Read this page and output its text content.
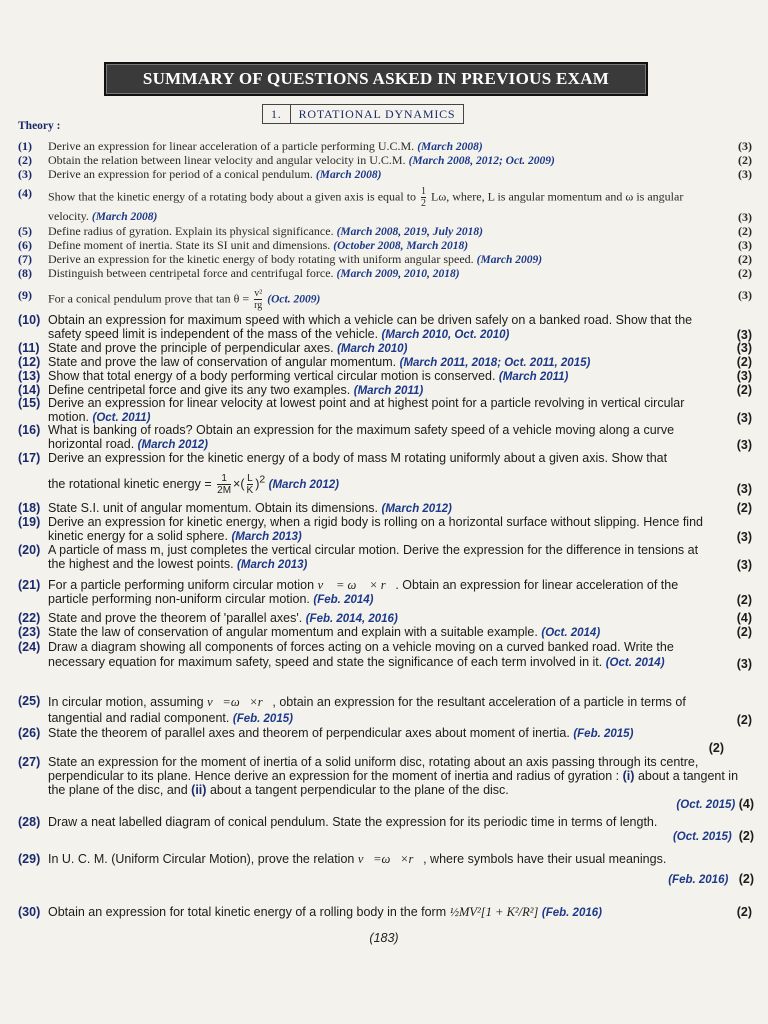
SUMMARY OF QUESTIONS ASKED IN PREVIOUS EXAM
1.	ROTATIONAL DYNAMICS
Theory :
(1) Derive an expression for linear acceleration of a particle performing U.C.M. (March 2008)	(3)
(2) Obtain the relation between linear velocity and angular velocity in U.C.M. (March 2008, 2012; Oct. 2009)	(2)
(3) Derive an expression for period of a conical pendulum. (March 2008)	(3)
(4) Show that the kinetic energy of a rotating body about a given axis is equal to $\frac{1}{2} L\omega$, where, L is angular momentum and ω is angular velocity. (March 2008)	(3)
(5) Define radius of gyration. Explain its physical significance. (March 2008, 2019, July 2018)	(2)
(6) Define moment of inertia. State its SI unit and dimensions. (October 2008, March 2018)	(3)
(7) Derive an expression for the kinetic energy of body rotating with uniform angular speed. (March 2009)	(2)
(8) Distinguish between centripetal force and centrifugal force. (March 2009, 2010, 2018)	(2)
(9) For a conical pendulum prove that $\tan \theta = \frac{\text{v²}}{rg} (Oct$. 2009)	(3)
(10) Obtain an expression for maximum speed with which a vehicle can be driven safely on a banked road. Show that the safety speed limit is independent of the mass of the vehicle. (March 2010, Oct. 2010)	(3)
(11) State and prove the principle of perpendicular axes. (March 2010)	(3)
(12) State and prove the law of conservation of angular momentum. (March 2011, 2018; Oct. 2011, 2015)	(2)
(13) Show that total energy of a body performing vertical circular motion is conserved. (March 2011)	(3)
(14) Define centripetal force and give its any two examples. (March 2011)	(2)
(15) Derive an expression for linear velocity at lowest point and at highest point for a particle revolving in vertical circular motion. (Oct. 2011)	(3)
(16) What is banking of roads? Obtain an expression for the maximum safety speed of a vehicle moving along a curve horizontal road. (March 2012)	(3)
(17) Derive an expression for the kinetic energy of a body of mass M rotating uniformly about a given axis. Show that
the rotational kinetic energy = $\frac{1}{2M}$ ×( $\frac{L}{K} )^2$ (March 2012)	(3)
(18) State S.I. unit of angular momentum. Obtain its dimensions. (March 2012)	(2)
(19) Derive an expression for kinetic energy, when a rigid body is rolling on a horizontal surface without slipping. Hence find kinetic energy for a solid sphere. (March 2013)	(3)
(20) A particle of mass m, just completes the vertical circular motion. Derive the expression for the difference in tensions at the highest and the lowest points. (March 2013)	(3)
(21) For a particle performing uniform circular motion v⃗ = ω⃗ × r⃗. Obtain an expression for linear acceleration of the particle performing non-uniform circular motion. (Feb. 2014)	(2)
(22) State and prove the theorem of 'parallel axes'. (Feb. 2014, 2016)	(4)
(23) State the law of conservation of angular momentum and explain with a suitable example. (Oct. 2014)	(2)
(24) Draw a diagram showing all components of forces acting on a vehicle moving on a curved banked road. Write the necessary equation for maximum safety, speed and state the significance of each term involved in it. (Oct. 2014)	(3)
(25) In circular motion, assuming v⃗=ω⃗×r⃗, obtain an expression for the resultant acceleration of a particle in terms of tangential and radial component. (Feb. 2015)	(2)
(26) State the theorem of parallel axes and theorem of perpendicular axes about moment of inertia. (Feb. 2015)
(2)
(27) State an expression for the moment of inertia of a solid uniform disc, rotating about an axis passing through its centre, perpendicular to its plane. Hence derive an expression for the moment of inertia and radius of gyration : (i) about a tangent in the plane of the disc, and (ii) about a tangent perpendicular to the plane of the disc.
(Oct. 2015) (4)
(28) Draw a neat labelled diagram of conical pendulum. State the expression for its periodic time in terms of length.
(Oct. 2015) (2)
(29) In U. C. M. (Uniform Circular Motion), prove the relation v⃗=ω⃗×r⃗, where symbols have their usual meanings.
(Feb. 2016) (2)
(30) Obtain an expression for total kinetic energy of a rolling body in the form ½MV²[1 + K²/R²] (Feb. 2016)	(2)
(183)
